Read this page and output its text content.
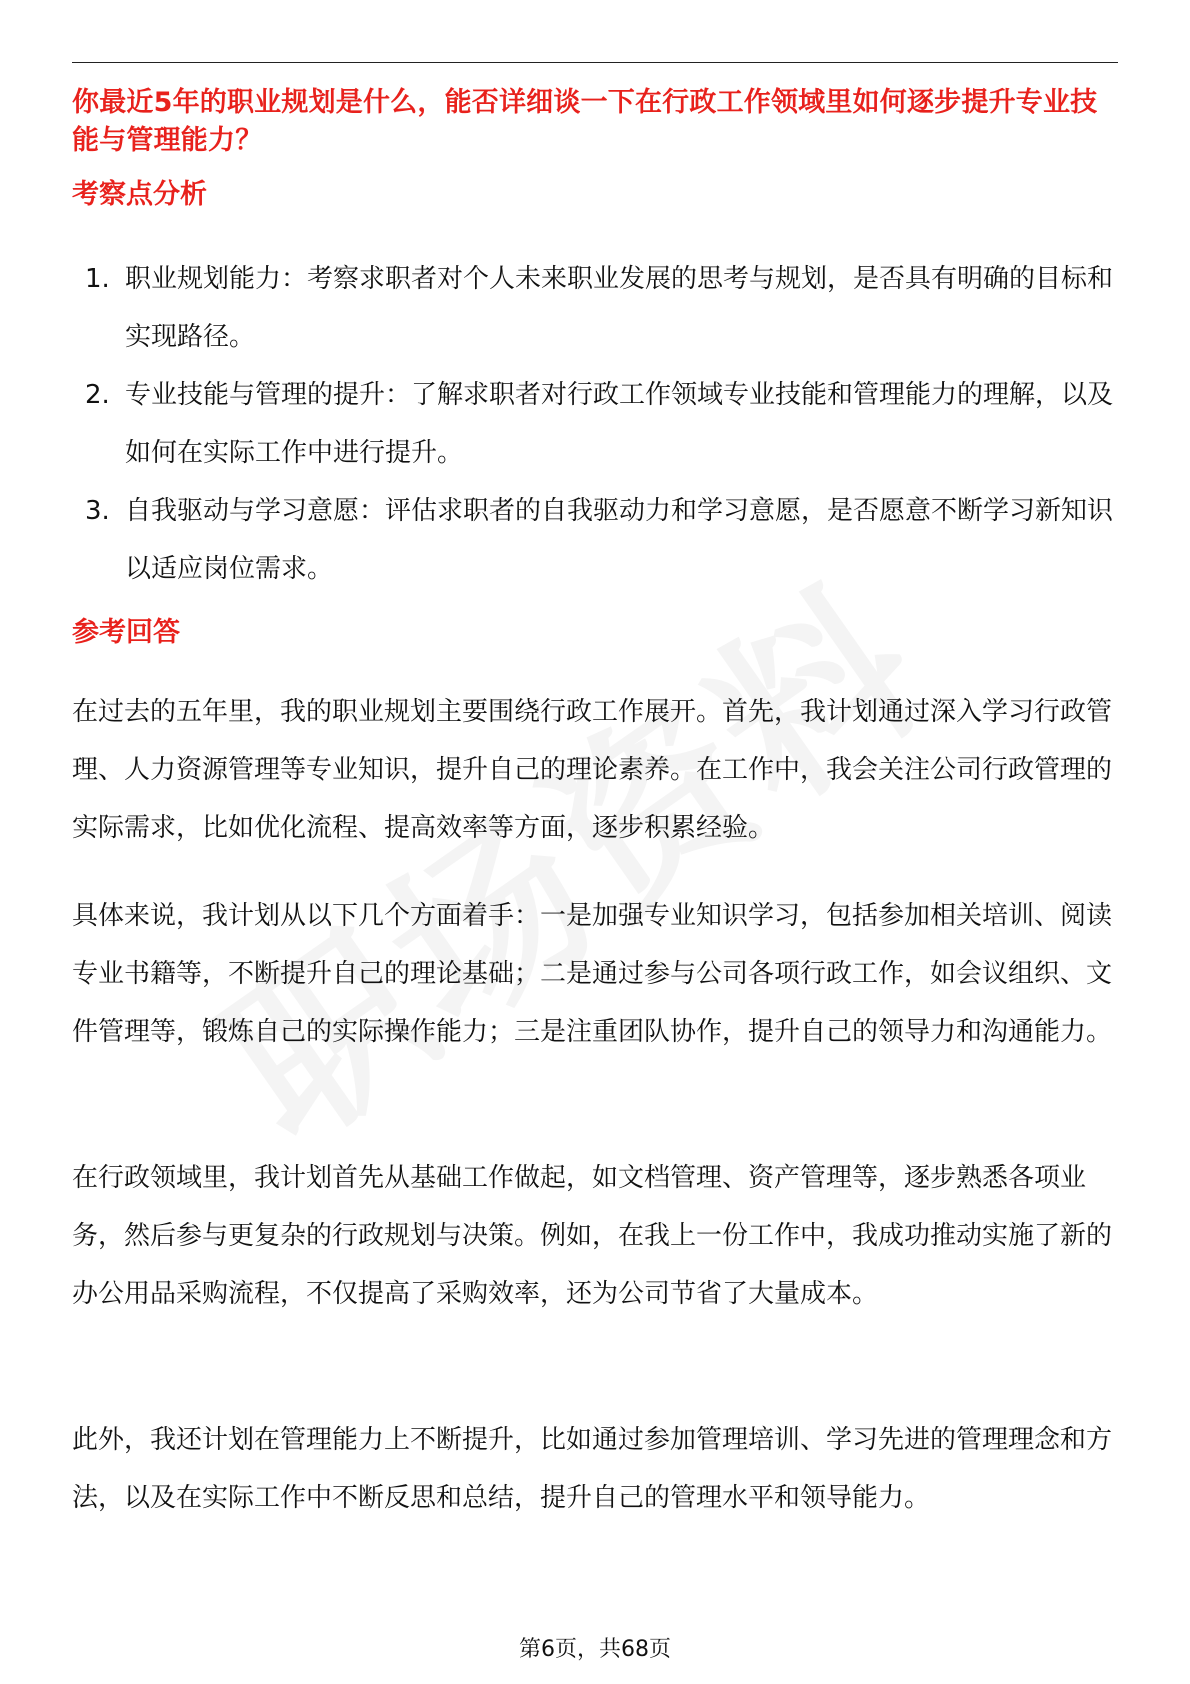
你最近5年的职业规划是什么，能否详细谈一下在行政工作领域里如何逐步提升专业技能与管理能力？
考察点分析
1. 职业规划能力：考察求职者对个人未来职业发展的思考与规划，是否具有明确的目标和实现路径。
2. 专业技能与管理的提升：了解求职者对行政工作领域专业技能和管理能力的理解，以及如何在实际工作中进行提升。
3. 自我驱动与学习意愿：评估求职者的自我驱动力和学习意愿，是否愿意不断学习新知识以适应岗位需求。
参考回答

在过去的五年里，我的职业规划主要围绕行政工作展开。首先，我计划通过深入学习行政管理、人力资源管理等专业知识，提升自己的理论素养。在工作中，我会关注公司行政管理的实际需求，比如优化流程、提高效率等方面，逐步积累经验。

具体来说，我计划从以下几个方面着手：一是加强专业知识学习，包括参加相关培训、阅读专业书籍等，不断提升自己的理论基础；二是通过参与公司各项行政工作，如会议组织、文件管理等，锻炼自己的实际操作能力；三是注重团队协作，提升自己的领导力和沟通能力。

在行政领域里，我计划首先从基础工作做起，如文档管理、资产管理等，逐步熟悉各项业务，然后参与更复杂的行政规划与决策。例如，在我上一份工作中，我成功推动实施了新的办公用品采购流程，不仅提高了采购效率，还为公司节省了大量成本。

此外，我还计划在管理能力上不断提升，比如通过参加管理培训、学习先进的管理理念和方法，以及在实际工作中不断反思和总结，提升自己的管理水平和领导能力。

第6页，共68页
